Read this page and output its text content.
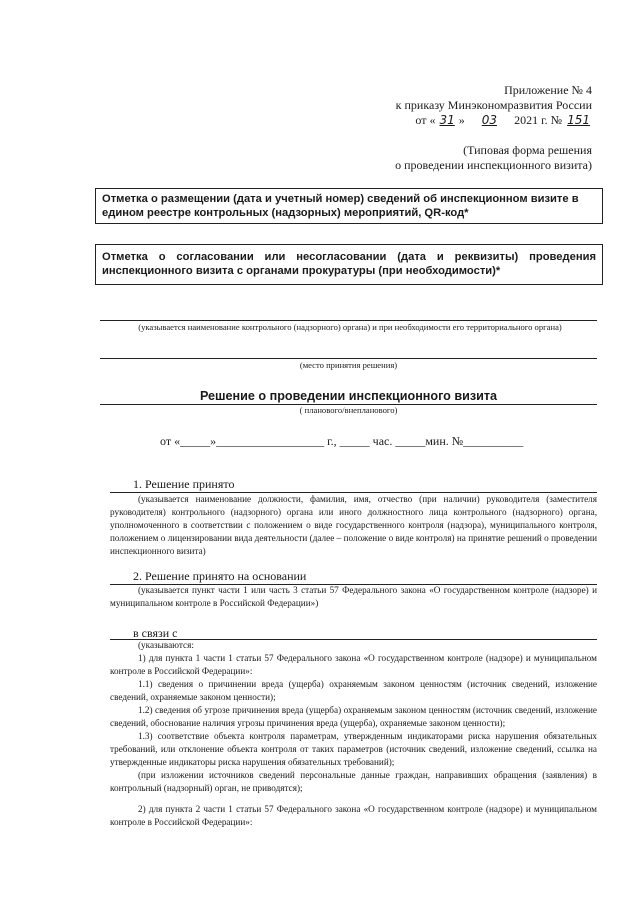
Приложение № 4
к приказу Минэкономразвития России
от « 31 » 03 2021 г. № 151
(Типовая форма решения
о проведении инспекционного визита)
Отметка о размещении (дата и учетный номер) сведений об инспекционном визите в едином реестре контрольных (надзорных) мероприятий, QR-код*
Отметка о согласовании или несогласовании (дата и реквизиты) проведения инспекционного визита с органами прокуратуры (при необходимости)*
(указывается наименование контрольного (надзорного) органа) и при необходимости его территориального органа)
(место принятия решения)
Решение о проведении инспекционного визита
( планового/внепланового)
от «_____»__________________ г., _____ час. _____мин. №__________
1. Решение принято
(указывается наименование должности, фамилия, имя, отчество (при наличии) руководителя (заместителя руководителя) контрольного (надзорного) органа или иного должностного лица контрольного (надзорного) органа, уполномоченного в соответствии с положением о виде государственного контроля (надзора), муниципального контроля, положением о лицензировании вида деятельности (далее – положение о виде контроля) на принятие решений о проведении инспекционного визита)
2. Решение принято на основании
(указывается пункт части 1 или часть 3 статьи 57 Федерального закона «О государственном контроле (надзоре) и муниципальном контроле в Российской Федерации»)
в связи с

(указываются:

1) для пункта 1 части 1 статьи 57 Федерального закона «О государственном контроле (надзоре) и муниципальном контроле в Российской Федерации»:

1.1) сведения о причинении вреда (ущерба) охраняемым законом ценностям (источник сведений, изложение сведений, охраняемые законом ценности);

1.2) сведения об угрозе причинения вреда (ущерба) охраняемым законом ценностям (источник сведений, изложение сведений, обоснование наличия угрозы причинения вреда (ущерба), охраняемые законом ценности);

1.3) соответствие объекта контроля параметрам, утвержденным индикаторами риска нарушения обязательных требований, или отклонение объекта контроля от таких параметров (источник сведений, изложение сведений, ссылка на утвержденные индикаторы риска нарушения обязательных требований);

(при изложении источников сведений персональные данные граждан, направивших обращения (заявления) в контрольный (надзорный) орган, не приводятся);

2) для пункта 2 части 1 статьи 57 Федерального закона «О государственном контроле (надзоре) и муниципальном контроле в Российской Федерации»:
